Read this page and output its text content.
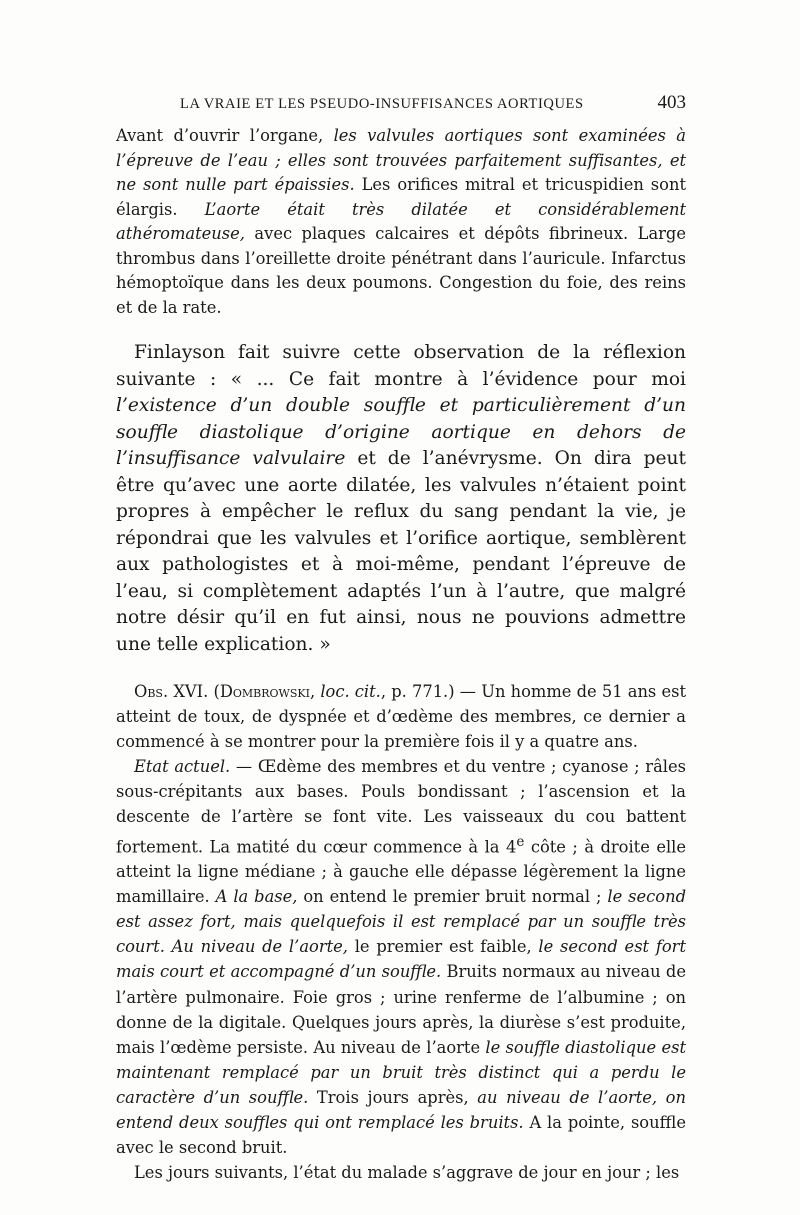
LA VRAIE ET LES PSEUDO-INSUFFISANCES AORTIQUES	403

Avant d’ouvrir l’organe, les valvules aortiques sont examinées à l’épreuve de l’eau ; elles sont trouvées parfaitement suffisantes, et ne sont nulle part épaissies. Les orifices mitral et tricuspidien sont élargis. L’aorte était très dilatée et considérablement athéromateuse, avec plaques calcaires et dépôts fibrineux. Large thrombus dans l’oreillette droite pénétrant dans l’auricule. Infarctus hémoptoïque dans les deux poumons. Congestion du foie, des reins et de la rate.

Finlayson fait suivre cette observation de la réflexion suivante : « ... Ce fait montre à l’évidence pour moi l’existence d’un double souffle et particulièrement d’un souffle diastolique d’origine aortique en dehors de l’insuffisance valvulaire et de l’anévrysme. On dira peut être qu’avec une aorte dilatée, les valvules n’étaient point propres à empêcher le reflux du sang pendant la vie, je répondrai que les valvules et l’orifice aortique, semblèrent aux pathologistes et à moi-même, pendant l’épreuve de l’eau, si complètement adaptés l’un à l’autre, que malgré notre désir qu’il en fut ainsi, nous ne pouvions admettre une telle explication. »

Obs. XVI. (Dombrowski, loc. cit., p. 771.) — Un homme de 51 ans est atteint de toux, de dyspnée et d’œdème des membres, ce dernier a commencé à se montrer pour la première fois il y a quatre ans.

Etat actuel. — Œdème des membres et du ventre ; cyanose ; râles sous-crépitants aux bases. Pouls bondissant ; l’ascension et la descente de l’artère se font vite. Les vaisseaux du cou battent fortement. La matité du cœur commence à la 4e côte ; à droite elle atteint la ligne médiane ; à gauche elle dépasse légèrement la ligne mamillaire. A la base, on entend le premier bruit normal ; le second est assez fort, mais quelquefois il est remplacé par un souffle très court. Au niveau de l’aorte, le premier est faible, le second est fort mais court et accompagné d’un souffle. Bruits normaux au niveau de l’artère pulmonaire. Foie gros ; urine renferme de l’albumine ; on donne de la digitale. Quelques jours après, la diurèse s’est produite, mais l’œdème persiste. Au niveau de l’aorte le souffle diastolique est maintenant remplacé par un bruit très distinct qui a perdu le caractère d’un souffle. Trois jours après, au niveau de l’aorte, on entend deux souffles qui ont remplacé les bruits. A la pointe, souffle avec le second bruit.

Les jours suivants, l’état du malade s’aggrave de jour en jour ; les
